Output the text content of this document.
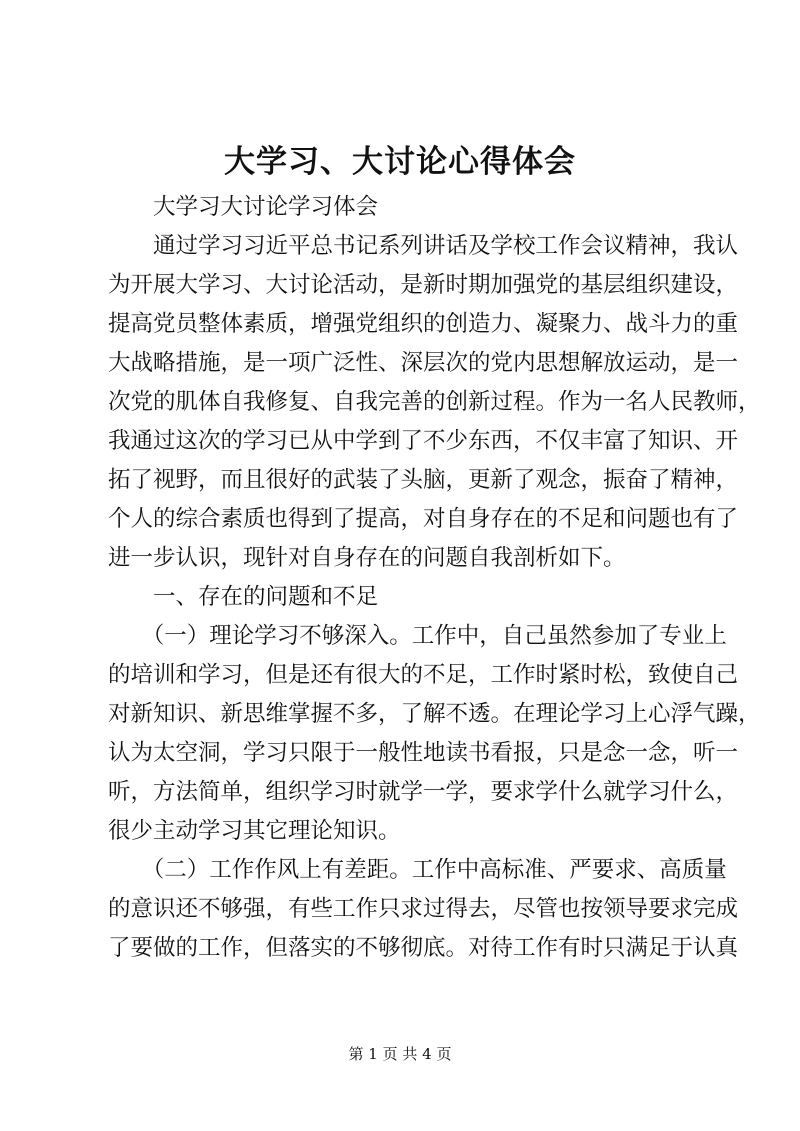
大学习、大讨论心得体会
　　大学习大讨论学习体会
　　通过学习习近平总书记系列讲话及学校工作会议精神，我认
为开展大学习、大讨论活动，是新时期加强党的基层组织建设，
提高党员整体素质，增强党组织的创造力、凝聚力、战斗力的重
大战略措施，是一项广泛性、深层次的党内思想解放运动，是一
次党的肌体自我修复、自我完善的创新过程。作为一名人民教师，
我通过这次的学习已从中学到了不少东西，不仅丰富了知识、开
拓了视野，而且很好的武装了头脑，更新了观念，振奋了精神，
个人的综合素质也得到了提高，对自身存在的不足和问题也有了
进一步认识，现针对自身存在的问题自我剖析如下。
　　一、存在的问题和不足
　　（一）理论学习不够深入。工作中，自己虽然参加了专业上
的培训和学习，但是还有很大的不足，工作时紧时松，致使自己
对新知识、新思维掌握不多，了解不透。在理论学习上心浮气躁，
认为太空洞，学习只限于一般性地读书看报，只是念一念，听一
听，方法简单，组织学习时就学一学，要求学什么就学习什么，
很少主动学习其它理论知识。
　　（二）工作作风上有差距。工作中高标准、严要求、高质量
的意识还不够强，有些工作只求过得去，尽管也按领导要求完成
了要做的工作，但落实的不够彻底。对待工作有时只满足于认真
第 1 页 共 4 页
